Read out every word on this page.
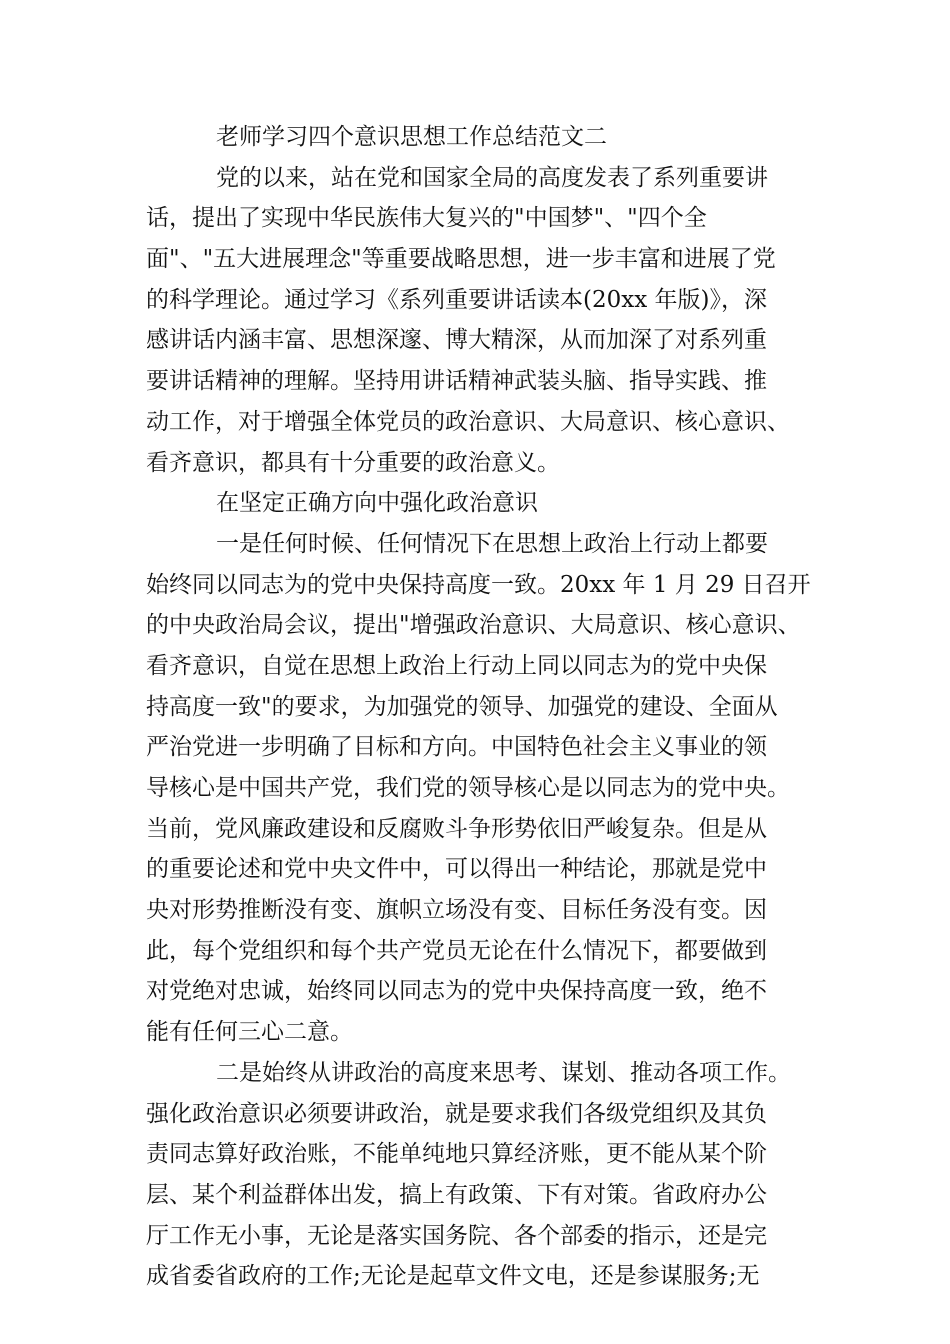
老师学习四个意识思想工作总结范文二
党的以来，站在党和国家全局的高度发表了系列重要讲
话，提出了实现中华民族伟大复兴的"中国梦"、"四个全
面"、"五大进展理念"等重要战略思想，进一步丰富和进展了党
的科学理论。通过学习《系列重要讲话读本(20xx 年版)》，深
感讲话内涵丰富、思想深邃、博大精深，从而加深了对系列重
要讲话精神的理解。坚持用讲话精神武装头脑、指导实践、推
动工作，对于增强全体党员的政治意识、大局意识、核心意识、
看齐意识，都具有十分重要的政治意义。
在坚定正确方向中强化政治意识
一是任何时候、任何情况下在思想上政治上行动上都要
始终同以同志为的党中央保持高度一致。20xx 年 1 月 29 日召开
的中央政治局会议，提出"增强政治意识、大局意识、核心意识、
看齐意识，自觉在思想上政治上行动上同以同志为的党中央保
持高度一致"的要求，为加强党的领导、加强党的建设、全面从
严治党进一步明确了目标和方向。中国特色社会主义事业的领
导核心是中国共产党，我们党的领导核心是以同志为的党中央。
当前，党风廉政建设和反腐败斗争形势依旧严峻复杂。但是从
的重要论述和党中央文件中，可以得出一种结论，那就是党中
央对形势推断没有变、旗帜立场没有变、目标任务没有变。因
此，每个党组织和每个共产党员无论在什么情况下，都要做到
对党绝对忠诚，始终同以同志为的党中央保持高度一致，绝不
能有任何三心二意。
二是始终从讲政治的高度来思考、谋划、推动各项工作。
强化政治意识必须要讲政治，就是要求我们各级党组织及其负
责同志算好政治账，不能单纯地只算经济账，更不能从某个阶
层、某个利益群体出发，搞上有政策、下有对策。省政府办公
厅工作无小事，无论是落实国务院、各个部委的指示，还是完
成省委省政府的工作;无论是起草文件文电，还是参谋服务;无
